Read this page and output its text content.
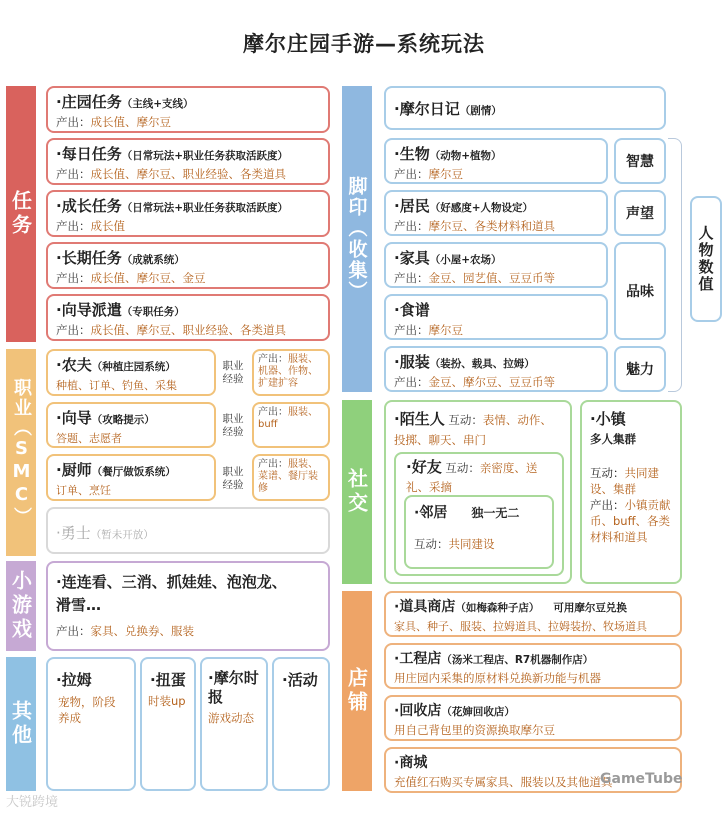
摩尔庄园手游—系统玩法
任务
职业（SMC）
小游戏
其他
·庄园任务（主线+支线）
产出：成长值、摩尔豆
·每日任务（日常玩法+职业任务获取活跃度）
产出：成长值、摩尔豆、职业经验、各类道具
·成长任务（日常玩法+职业任务获取活跃度）
产出：成长值
·长期任务（成就系统）
产出：成长值、摩尔豆、金豆
·向导派遣（专职任务）
产出：成长值、摩尔豆、职业经验、各类道具
·农夫（种植庄园系统）
种植、订单、钓鱼、采集
职业经验
产出：服装、机器、作物、扩建扩容
·向导（攻略提示）
答题、志愿者
职业经验
产出：服装、buff
·厨师（餐厅做饭系统）
订单、烹饪
职业经验
产出：服装、菜谱、餐厅装修
·勇士（暂未开放）
·连连看、三消、抓娃娃、泡泡龙、
滑雪…
产出：家具、兑换券、服装
·拉姆
宠物，阶段养成
·扭蛋
时装up
·摩尔时报
游戏动态
·活动
脚印（收集）
社交
店铺
·摩尔日记（剧情）
·生物（动物+植物）
产出：摩尔豆
·居民（好感度+人物设定）
产出：摩尔豆、各类材料和道具
·家具（小屋+农场）
产出：金豆、园艺值、豆豆币等
·食谱
产出：摩尔豆
·服装（装扮、载具、拉姆）
产出：金豆、摩尔豆、豆豆币等
智慧
声望
品味
魅力
人物数值
·陌生人 互动：表情、动作、投掷、聊天、串门
·好友 互动：亲密度、送礼、采摘
·邻居 独一无二
互动：共同建设
·小镇
多人集群
互动：共同建设、集群
产出：小镇贡献币、buff、各类材料和道具
·道具商店（如梅森种子店） 可用摩尔豆兑换
家具、种子、服装、拉姆道具、拉姆装扮、牧场道具
·工程店（汤米工程店、R7机器制作店）
用庄园内采集的原材料兑换新功能与机器
·回收店（花婶回收店）
用自己背包里的资源换取摩尔豆
·商城
充值红石购买专属家具、服装以及其他道具
大锐跨境
GameTube
